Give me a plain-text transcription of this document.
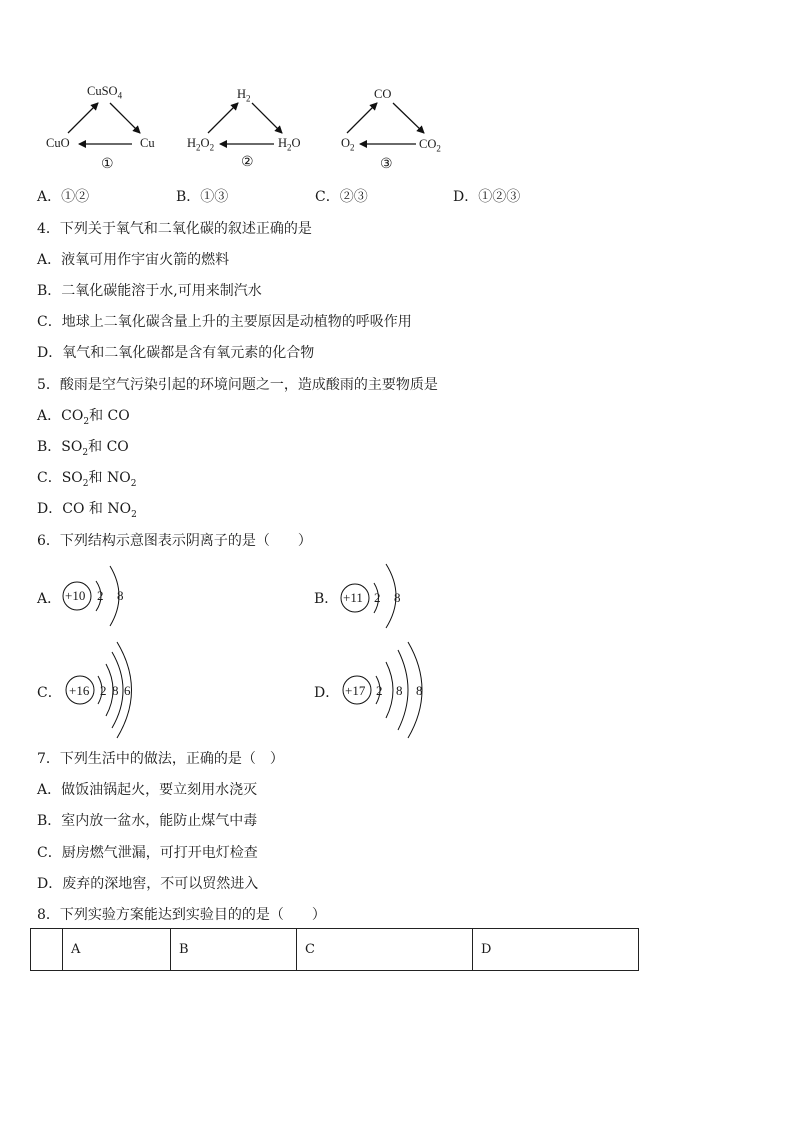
CuSO$_4$
CuO	Cu
①
$H_2$
$H_2O_2$	$H_2O$
②
CO
$O_2$	$CO_2$
③
A．①②	B．①③	C．②③	D．①②③
4．下列关于氧气和二氧化碳的叙述正确的是
A．液氧可用作宇宙火箭的燃料
B．二氧化碳能溶于水,可用来制汽水
C．地球上二氧化碳含量上升的主要原因是动植物的呼吸作用
D．氧气和二氧化碳都是含有氧元素的化合物
5．酸雨是空气污染引起的环境问题之一，造成酸雨的主要物质是
A．$CO_2$和 CO
B．$SO_2$和 CO
C．$SO_2$和 $NO_2$
D．CO 和 $NO_2$
6．下列结构示意图表示阴离子的是（　　）
A． +10 2 8	B． +11 2 8
C． +16 2 8 6	D． +17 2 8 8
7．下列生活中的做法，正确的是（　）
A．做饭油锅起火，要立刻用水浇灭
B．室内放一盆水，能防止煤气中毒
C．厨房燃气泄漏，可打开电灯检查
D．废弃的深地窖，不可以贸然进入
8．下列实验方案能达到实验目的的是（　　）
	A	B	C	D
